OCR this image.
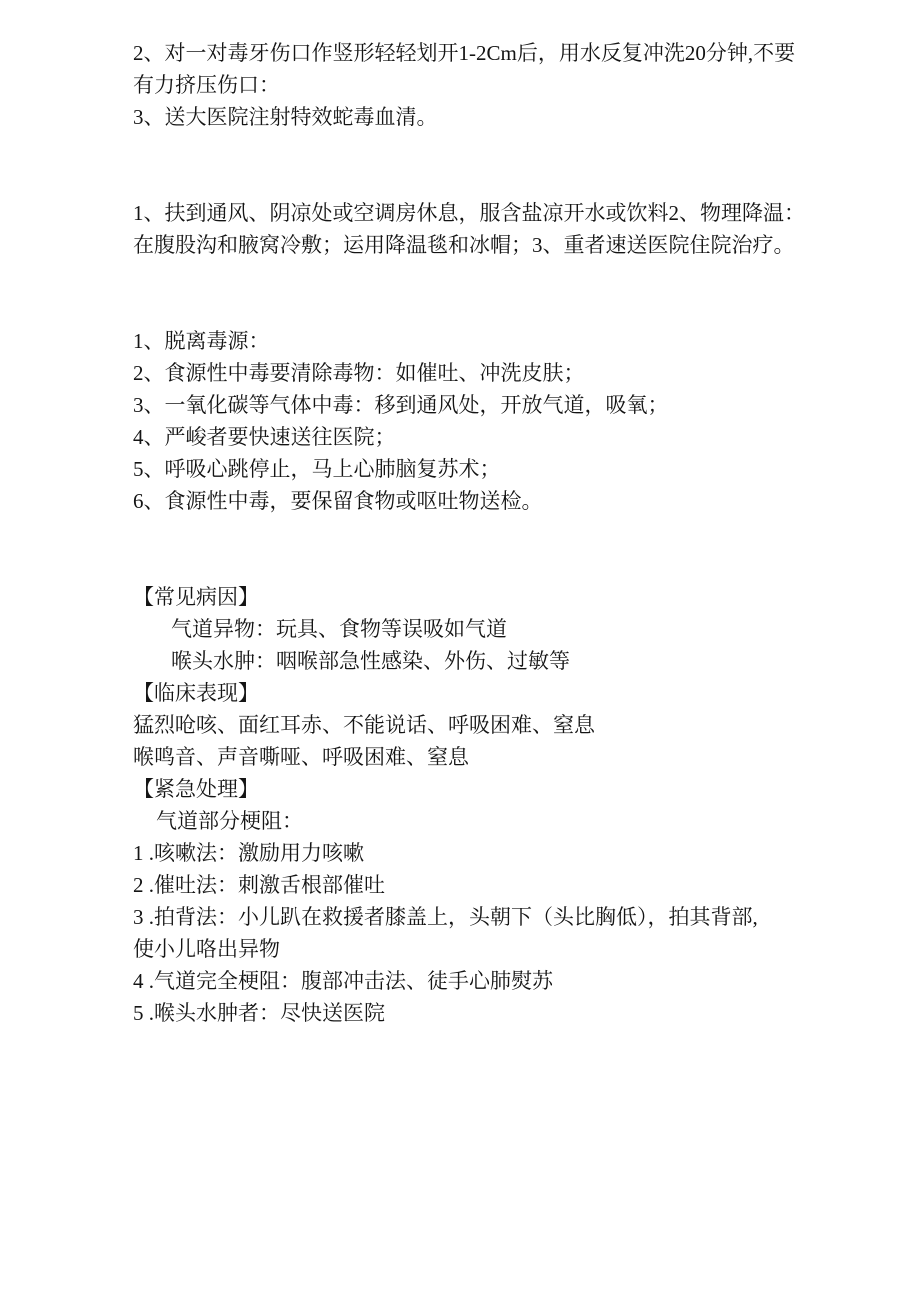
2、对一对毒牙伤口作竖形轻轻划开1-2Cm后，用水反复冲洗20分钟,不要
有力挤压伤口：
3、送大医院注射特效蛇毒血清。
1、扶到通风、阴凉处或空调房休息，服含盐凉开水或饮料2、物理降温：
在腹股沟和腋窝冷敷；运用降温毯和冰帽；3、重者速送医院住院治疗。
1、脱离毒源：
2、食源性中毒要清除毒物：如催吐、冲洗皮肤；
3、一氧化碳等气体中毒：移到通风处，开放气道，吸氧；
4、严峻者要快速送往医院；
5、呼吸心跳停止，马上心肺脑复苏术；
6、食源性中毒，要保留食物或呕吐物送检。
【常见病因】
气道异物：玩具、食物等误吸如气道
喉头水肿：咽喉部急性感染、外伤、过敏等
【临床表现】
猛烈呛咳、面红耳赤、不能说话、呼吸困难、窒息
喉鸣音、声音嘶哑、呼吸困难、窒息
【紧急处理】
气道部分梗阻：
1 .咳嗽法：激励用力咳嗽
2 .催吐法：刺激舌根部催吐
3 .拍背法：小儿趴在救援者膝盖上，头朝下（头比胸低），拍其背部,
使小儿咯出异物
4 .气道完全梗阻：腹部冲击法、徒手心肺熨苏
5 .喉头水肿者：尽快送医院
